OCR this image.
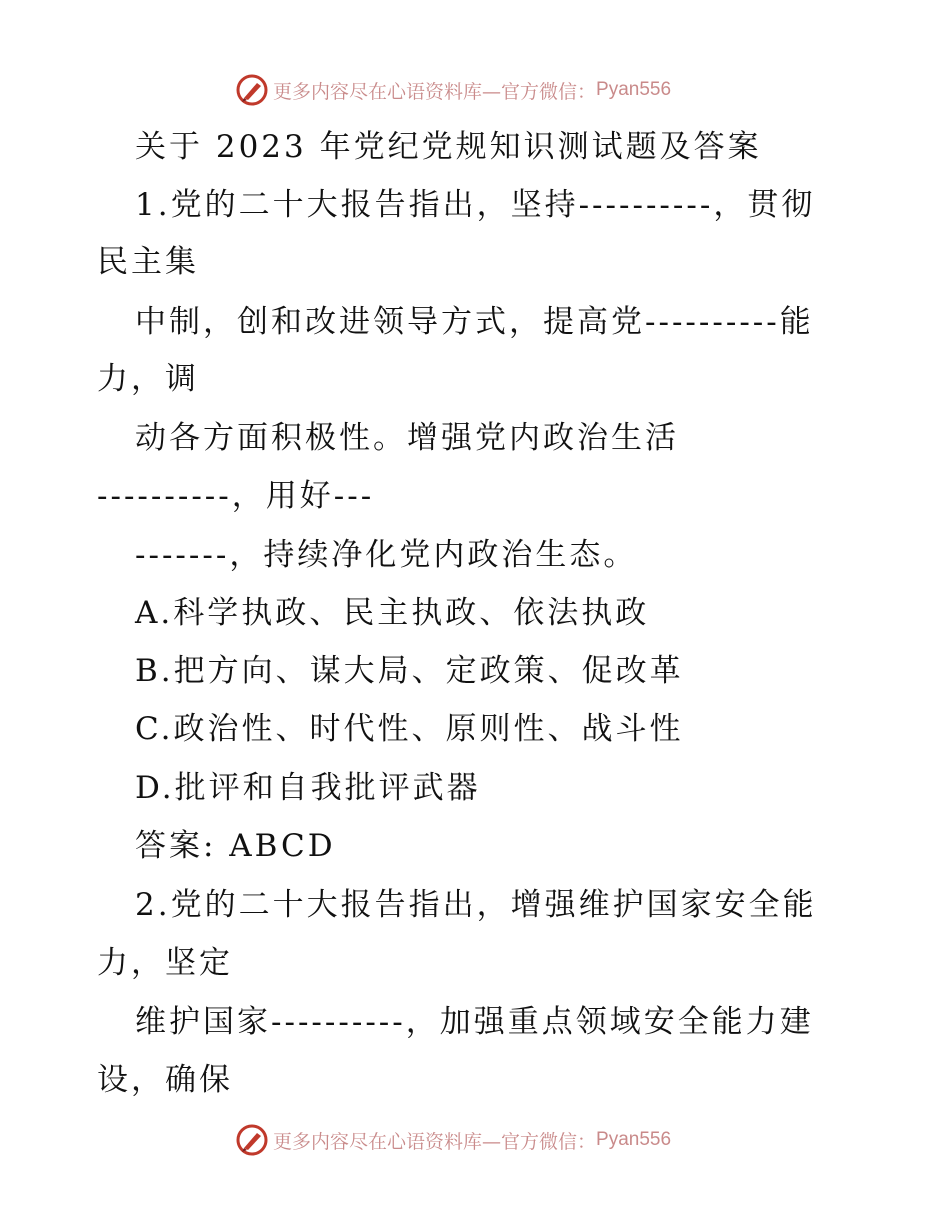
更多内容尽在心语资料库—官方微信： Pyan556
关于 2023 年党纪党规知识测试题及答案
1.党的二十大报告指出，坚持----------，贯彻
民主集
中制，创和改进领导方式，提高党----------能
力，调
动各方面积极性。增强党内政治生活
----------，用好---
-------，持续净化党内政治生态。
A.科学执政、民主执政、依法执政
B.把方向、谋大局、定政策、促改革
C.政治性、时代性、原则性、战斗性
D.批评和自我批评武器
答案: ABCD
2.党的二十大报告指出，增强维护国家安全能
力，坚定
维护国家----------，加强重点领域安全能力建
设，确保
更多内容尽在心语资料库—官方微信： Pyan556
